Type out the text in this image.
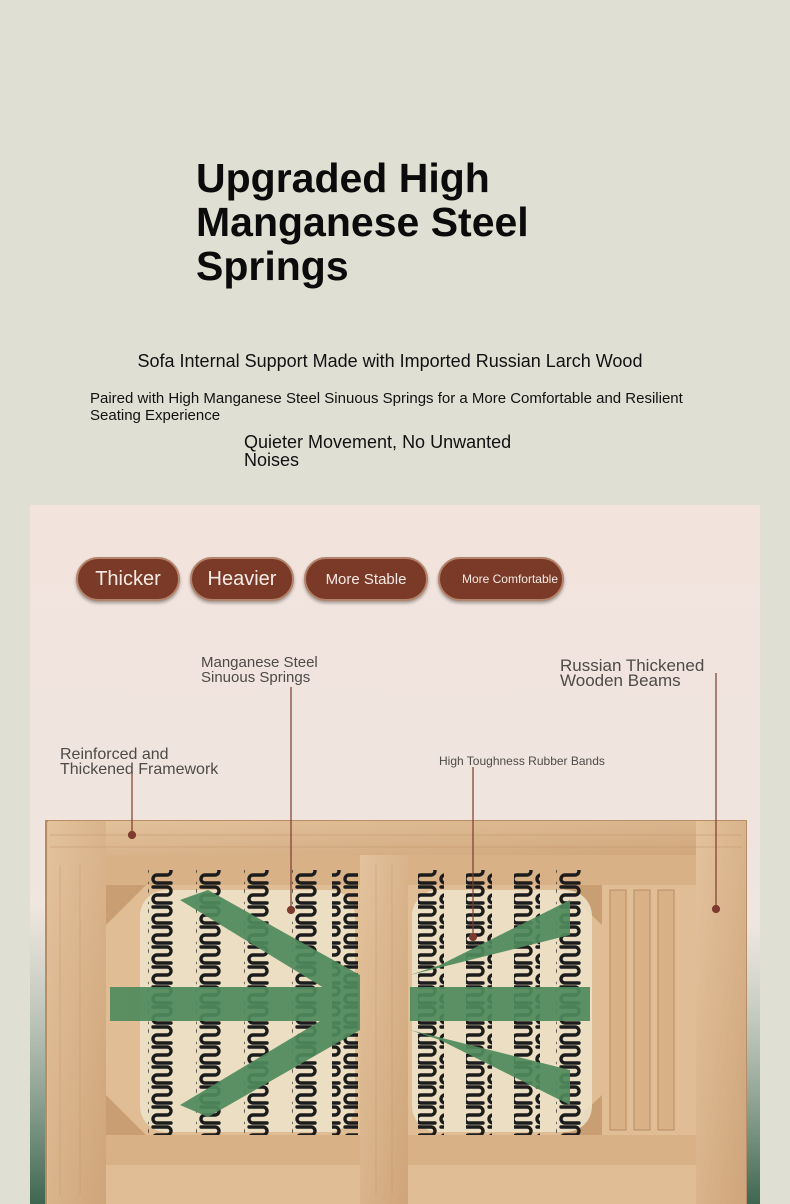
Upgraded High Manganese Steel Springs
Sofa Internal Support Made with Imported Russian Larch Wood
Paired with High Manganese Steel Sinuous Springs for a More Comfortable and Resilient Seating Experience
Quieter Movement, No Unwanted Noises
Thicker Heavier	More Stable	More Comfortable
Manganese Steel Sinuous Springs
Russian Thickened Wooden Beams
Reinforced and Thickened Framework	High Toughness Rubber Bands
